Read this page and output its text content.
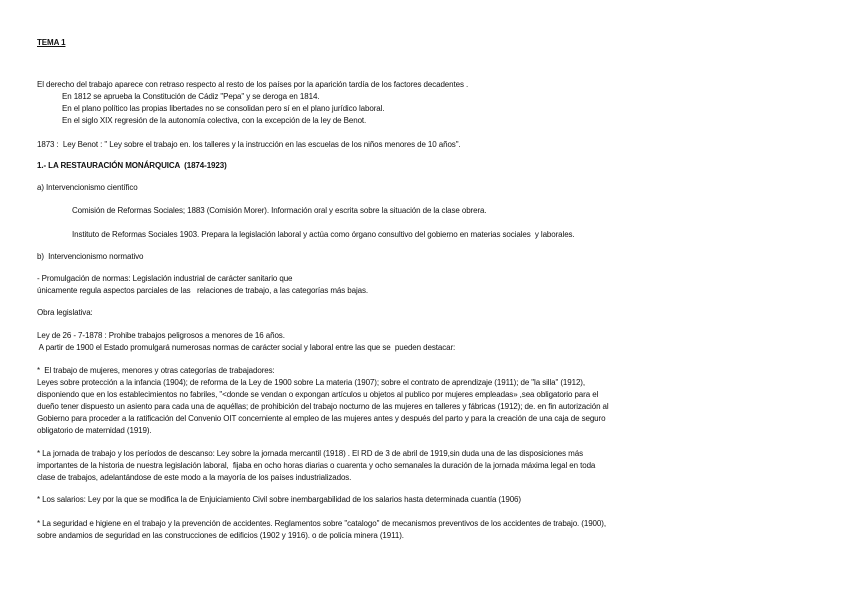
TEMA 1
El derecho del trabajo aparece con retraso respecto al resto de los países por la aparición tardía de los factores decadentes .
En 1812 se aprueba la Constitución de Cádiz "Pepa" y se deroga en 1814.
En el plano político las propias libertades no se consolidan pero sí en el plano jurídico laboral.
En el siglo XIX regresión de la autonomía colectiva, con la excepción de la ley de Benot.
1873 :  Ley Benot : " Ley sobre el trabajo en. los talleres y la instrucción en las escuelas de los niños menores de 10 años".
1.- LA RESTAURACIÓN MONÁRQUICA  (1874-1923)
a) Intervencionismo científico
Comisión de Reformas Sociales; 1883 (Comisión Morer). Información oral y escrita sobre la situación de la clase obrera.
Instituto de Reformas Sociales 1903. Prepara la legislación laboral y actúa como órgano consultivo del gobierno en materias sociales  y laborales.
b)  Intervencionismo normativo
- Promulgación de normas: Legislación industrial de carácter sanitario que
únicamente regula aspectos parciales de las   relaciones de trabajo, a las categorías más bajas.
Obra legislativa:
Ley de 26 - 7-1878 : Prohibe trabajos peligrosos a menores de 16 años.
A partir de 1900 el Estado promulgará numerosas normas de carácter social y laboral entre las que se  pueden destacar:
*  El trabajo de mujeres, menores y otras categorías de trabajadores:
Leyes sobre protección a la infancia (1904); de reforma de la Ley de 1900 sobre La materia (1907); sobre el contrato de aprendizaje (1911); de "la silla" (1912),
disponiendo que en los establecimientos no fabriles, "<donde se vendan o expongan artículos u objetos al publico por mujeres empleadas» ,sea obligatorio para el
dueño tener dispuesto un asiento para cada una de aquéllas; de prohibición del trabajo nocturno de las mujeres en talleres y fábricas (1912); de. en fin autorización al
Gobierno para proceder a la ratificación del Convenio OIT concerniente al empleo de las mujeres antes y después del parto y para la creación de una caja de seguro
obligatorio de maternidad (1919).
* La jornada de trabajo y los períodos de descanso: Ley sobre la jornada mercantil (1918) . El RD de 3 de abril de 1919,sin duda una de las disposiciones más
importantes de la historia de nuestra legislación laboral,  fijaba en ocho horas diarias o cuarenta y ocho semanales la duración de la jornada máxima legal en toda
clase de trabajos, adelantándose de este modo a la mayoría de los países industrializados.
* Los salarios: Ley por la que se modifica la de Enjuiciamiento Civil sobre inembargabilidad de los salarios hasta determinada cuantía (1906)
* La seguridad e higiene en el trabajo y la prevención de accidentes. Reglamentos sobre "catalogo" de mecanismos preventivos de los accidentes de trabajo. (1900),
sobre andamios de seguridad en las construcciones de edificios (1902 y 1916). o de policía minera (1911).
